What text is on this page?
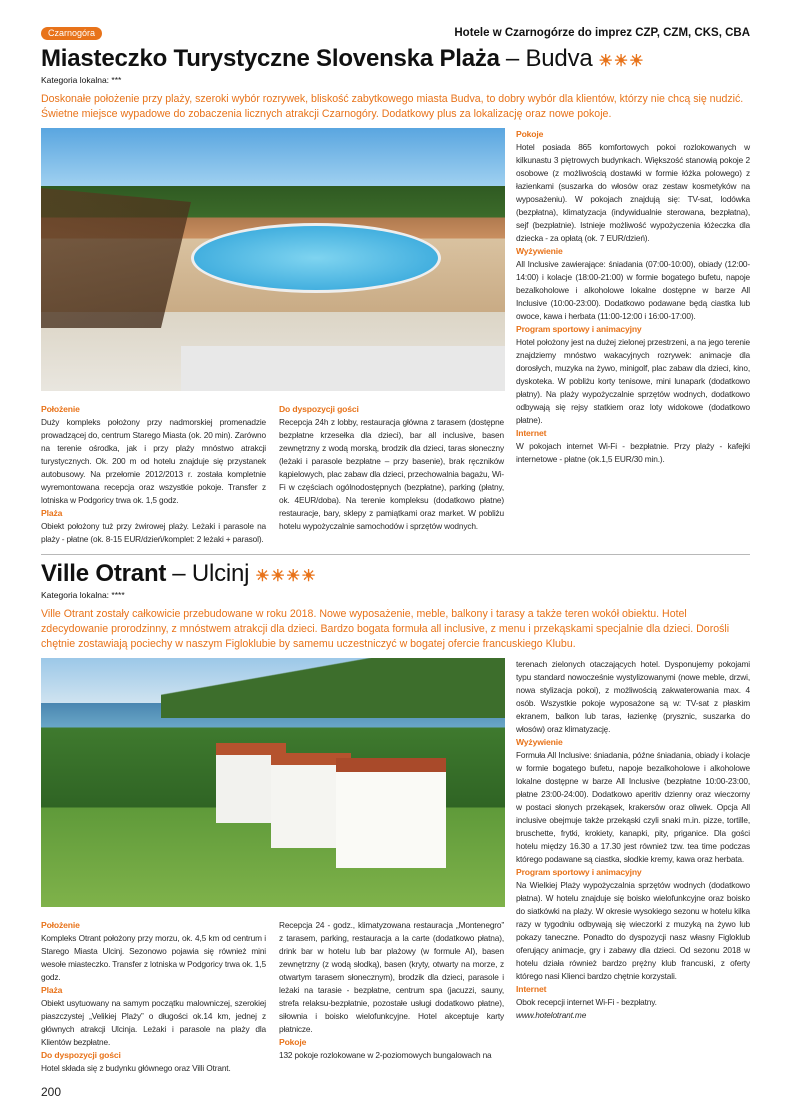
Czarnogóra	Hotele w Czarnogórze do imprez CZP, CZM, CKS, CBA
Miasteczko Turystyczne Slovenska Plaża – Budva ☀☀☀
Kategoria lokalna: ***
Doskonałe położenie przy plaży, szeroki wybór rozrywek, bliskość zabytkowego miasta Budva, to dobry wybór dla klientów, którzy nie chcą się nudzić. Świetne miejsce wypadowe do zobaczenia licznych atrakcji Czarnogóry. Dodatkowy plus za lokalizację oraz nowe pokoje.
Położenie

Duży kompleks położony przy nadmorskiej promenadzie prowadzącej do, centrum Starego Miasta (ok. 20 min). Zarówno na terenie ośrodka, jak i przy plaży mnóstwo atrakcji turystycznych. Ok. 200 m od hotelu znajduje się przystanek autobusowy. Na przełomie 2012/2013 r. została kompletnie wyremontowana recepcja oraz wszystkie pokoje. Transfer z lotniska w Podgoricy trwa ok. 1,5 godz.

Plaża

Obiekt położony tuż przy żwirowej plaży. Leżaki i parasole na plaży - płatne (ok. 8-15 EUR/dzień/komplet: 2 leżaki + parasol).

Do dyspozycji gości

Recepcja 24h z lobby, restauracja główna z tarasem (dostępne bezpłatne krzesełka dla dzieci), bar all inclusive, basen zewnętrzny z wodą morską, brodzik dla dzieci, taras słoneczny (leżaki i parasole bezpłatne – przy basenie), brak ręczników kąpielowych, plac zabaw dla dzieci, przechowalnia bagażu, Wi-Fi w częściach ogólnodostępnych (bezpłatne), parking (płatny, ok. 4EUR/doba). Na terenie kompleksu (dodatkowo płatne) restauracje, bary, sklepy z pamiątkami oraz market. W pobliżu hotelu wypożyczalnie samochodów i sprzętów wodnych.

Pokoje

Hotel posiada 865 komfortowych pokoi rozlokowanych w kilkunastu 3 piętrowych budynkach. Większość stanowią pokoje 2 osobowe (z możliwością dostawki w formie łóżka polowego) z łazienkami (suszarka do włosów oraz zestaw kosmetyków na wyposażeniu). W pokojach znajdują się: TV-sat, lodówka (bezpłatna), klimatyzacja (indywidualnie sterowana, bezpłatna), sejf (bezpłatnie). Istnieje możliwość wypożyczenia łóżeczka dla dziecka - za opłatą (ok. 7 EUR/dzień).

Wyżywienie

All Inclusive zawierające: śniadania (07:00-10:00), obiady (12:00-14:00) i kolacje (18:00-21:00) w formie bogatego bufetu, napoje bezalkoholowe i alkoholowe lokalne dostępne w barze All Inclusive (10:00-23:00). Dodatkowo podawane będą ciastka lub owoce, kawa i herbata (11:00-12:00 i 16:00-17:00).

Program sportowy i animacyjny

Hotel położony jest na dużej zielonej przestrzeni, a na jego terenie znajdziemy mnóstwo wakacyjnych rozrywek: animacje dla dorosłych, muzyka na żywo, minigolf, plac zabaw dla dzieci, kino, dyskoteka. W pobliżu korty tenisowe, mini lunapark (dodatkowo płatny). Na plaży wypożyczalnie sprzętów wodnych, dodatkowo odbywają się rejsy statkiem oraz loty widokowe (dodatkowo płatne).

Internet

W pokojach internet Wi-Fi - bezpłatnie. Przy plaży - kafejki internetowe - płatne (ok.1,5 EUR/30 min.).

Ville Otrant – Ulcinj ☀☀☀☀
Kategoria lokalna: ****
Ville Otrant zostały całkowicie przebudowane w roku 2018. Nowe wyposażenie, meble, balkony i tarasy a także teren wokół obiektu. Hotel zdecydowanie prorodzinny, z mnóstwem atrakcji dla dzieci. Bardzo bogata formuła all inclusive, z menu i przekąskami specjalnie dla dzieci. Dorośli chętnie zostawiają pociechy w naszym Figloklubie by samemu uczestniczyć w bogatej ofercie francuskiego Klubu.
Położenie

Kompleks Otrant położony przy morzu, ok. 4,5 km od centrum i Starego Miasta Ulcinj. Sezonowo pojawia się również mini wesołe miasteczko. Transfer z lotniska w Podgoricy trwa ok. 1,5 godz.

Plaża

Obiekt usytuowany na samym początku malowniczej, szerokiej piaszczystej „Velikiej Plaży” o długości ok.14 km, jednej z głównych atrakcji Ulcinja. Leżaki i parasole na plaży dla Klientów bezpłatne.

Do dyspozycji gości

Hotel składa się z budynku głównego oraz Villi Otrant.

Recepcja 24 - godz., klimatyzowana restauracja „Montenegro” z tarasem, parking, restauracja a la carte (dodatkowo płatna), drink bar w hotelu lub bar plażowy (w formule AI), basen zewnętrzny (z wodą słodką), basen (kryty, otwarty na morze, z otwartym tarasem słonecznym), brodzik dla dzieci, parasole i leżaki na tarasie - bezpłatne, centrum spa (jacuzzi, sauny, strefa relaksu-bezpłatnie, pozostałe usługi dodatkowo płatne), siłownia i boisko wielofunkcyjne. Hotel akceptuje karty płatnicze.

Pokoje

132 pokoje rozlokowane w 2-poziomowych bungalowach na

terenach zielonych otaczających hotel. Dysponujemy pokojami typu standard nowocześnie wystylizowanymi (nowe meble, drzwi, nowa stylizacja pokoi), z możliwością zakwaterowania max. 4 osób. Wszystkie pokoje wyposażone są w: TV-sat z płaskim ekranem, balkon lub taras, łazienkę (prysznic, suszarka do włosów) oraz klimatyzację.

Wyżywienie

Formuła All Inclusive: śniadania, późne śniadania, obiady i kolacje w formie bogatego bufetu, napoje bezalkoholowe i alkoholowe lokalne dostępne w barze All Inclusive (bezpłatne 10:00-23:00, płatne 23:00-24:00). Dodatkowo aperitiv dzienny oraz wieczorny w postaci słonych przekąsek, krakersów oraz oliwek. Opcja All inclusive obejmuje także przekąski czyli snaki m.in. pizze, tortille, bruschette, frytki, krokiety, kanapki, pity, priganice. Dla gości hotelu między 16.30 a 17.30 jest również tzw. tea time podczas którego podawane są ciastka, słodkie kremy, kawa oraz herbata.

Program sportowy i animacyjny

Na Wielkiej Plaży wypożyczalnia sprzętów wodnych (dodatkowo płatna). W hotelu znajduje się boisko wielofunkcyjne oraz boisko do siatkówki na plaży. W okresie wysokiego sezonu w hotelu kilka razy w tygodniu odbywają się wieczorki z muzyką na żywo lub pokazy taneczne. Ponadto do dyspozycji nasz własny Figloklub oferujący animacje, gry i zabawy dla dzieci. Od sezonu 2018 w hotelu działa również bardzo prężny klub francuski, z oferty którego nasi Klienci bardzo chętnie korzystali.

Internet

Obok recepcji internet Wi-Fi - bezpłatny.

www.hotelotrant.me

200
